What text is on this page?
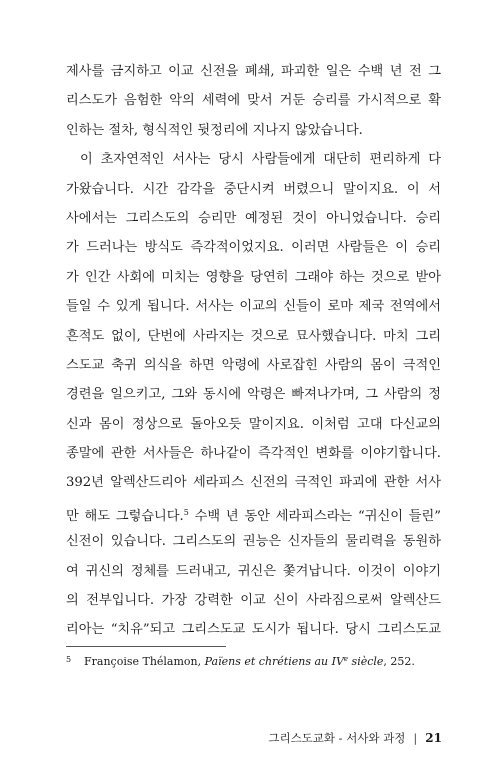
제사를 금지하고 이교 신전을 폐쇄, 파괴한 일은 수백 년 전 그
리스도가 음험한 악의 세력에 맞서 거둔 승리를 가시적으로 확
인하는 절차, 형식적인 뒷정리에 지나지 않았습니다.
이 초자연적인 서사는 당시 사람들에게 대단히 편리하게 다
가왔습니다. 시간 감각을 중단시켜 버렸으니 말이지요. 이 서
사에서는 그리스도의 승리만 예정된 것이 아니었습니다. 승리
가 드러나는 방식도 즉각적이었지요. 이러면 사람들은 이 승리
가 인간 사회에 미치는 영향을 당연히 그래야 하는 것으로 받아
들일 수 있게 됩니다. 서사는 이교의 신들이 로마 제국 전역에서
흔적도 없이, 단번에 사라지는 것으로 묘사했습니다. 마치 그리
스도교 축귀 의식을 하면 악령에 사로잡힌 사람의 몸이 극적인
경련을 일으키고, 그와 동시에 악령은 빠져나가며, 그 사람의 정
신과 몸이 정상으로 돌아오듯 말이지요. 이처럼 고대 다신교의
종말에 관한 서사들은 하나같이 즉각적인 변화를 이야기합니다.
392년 알렉산드리아 세라피스 신전의 극적인 파괴에 관한 서사
만 해도 그렇습니다.$^5$ 수백 년 동안 세라피스라는 “귀신이 들린”
신전이 있습니다. 그리스도의 권능은 신자들의 물리력을 동원하
여 귀신의 정체를 드러내고, 귀신은 쫓겨납니다. 이것이 이야기
의 전부입니다. 가장 강력한 이교 신이 사라짐으로써 알렉산드
리아는 “치유”되고 그리스도교 도시가 됩니다. 당시 그리스도교
5 Françoise Thélamon, Païens et chrétiens au IVe siècle, 252.
그리스도교화 - 서사와 과정 | 21
